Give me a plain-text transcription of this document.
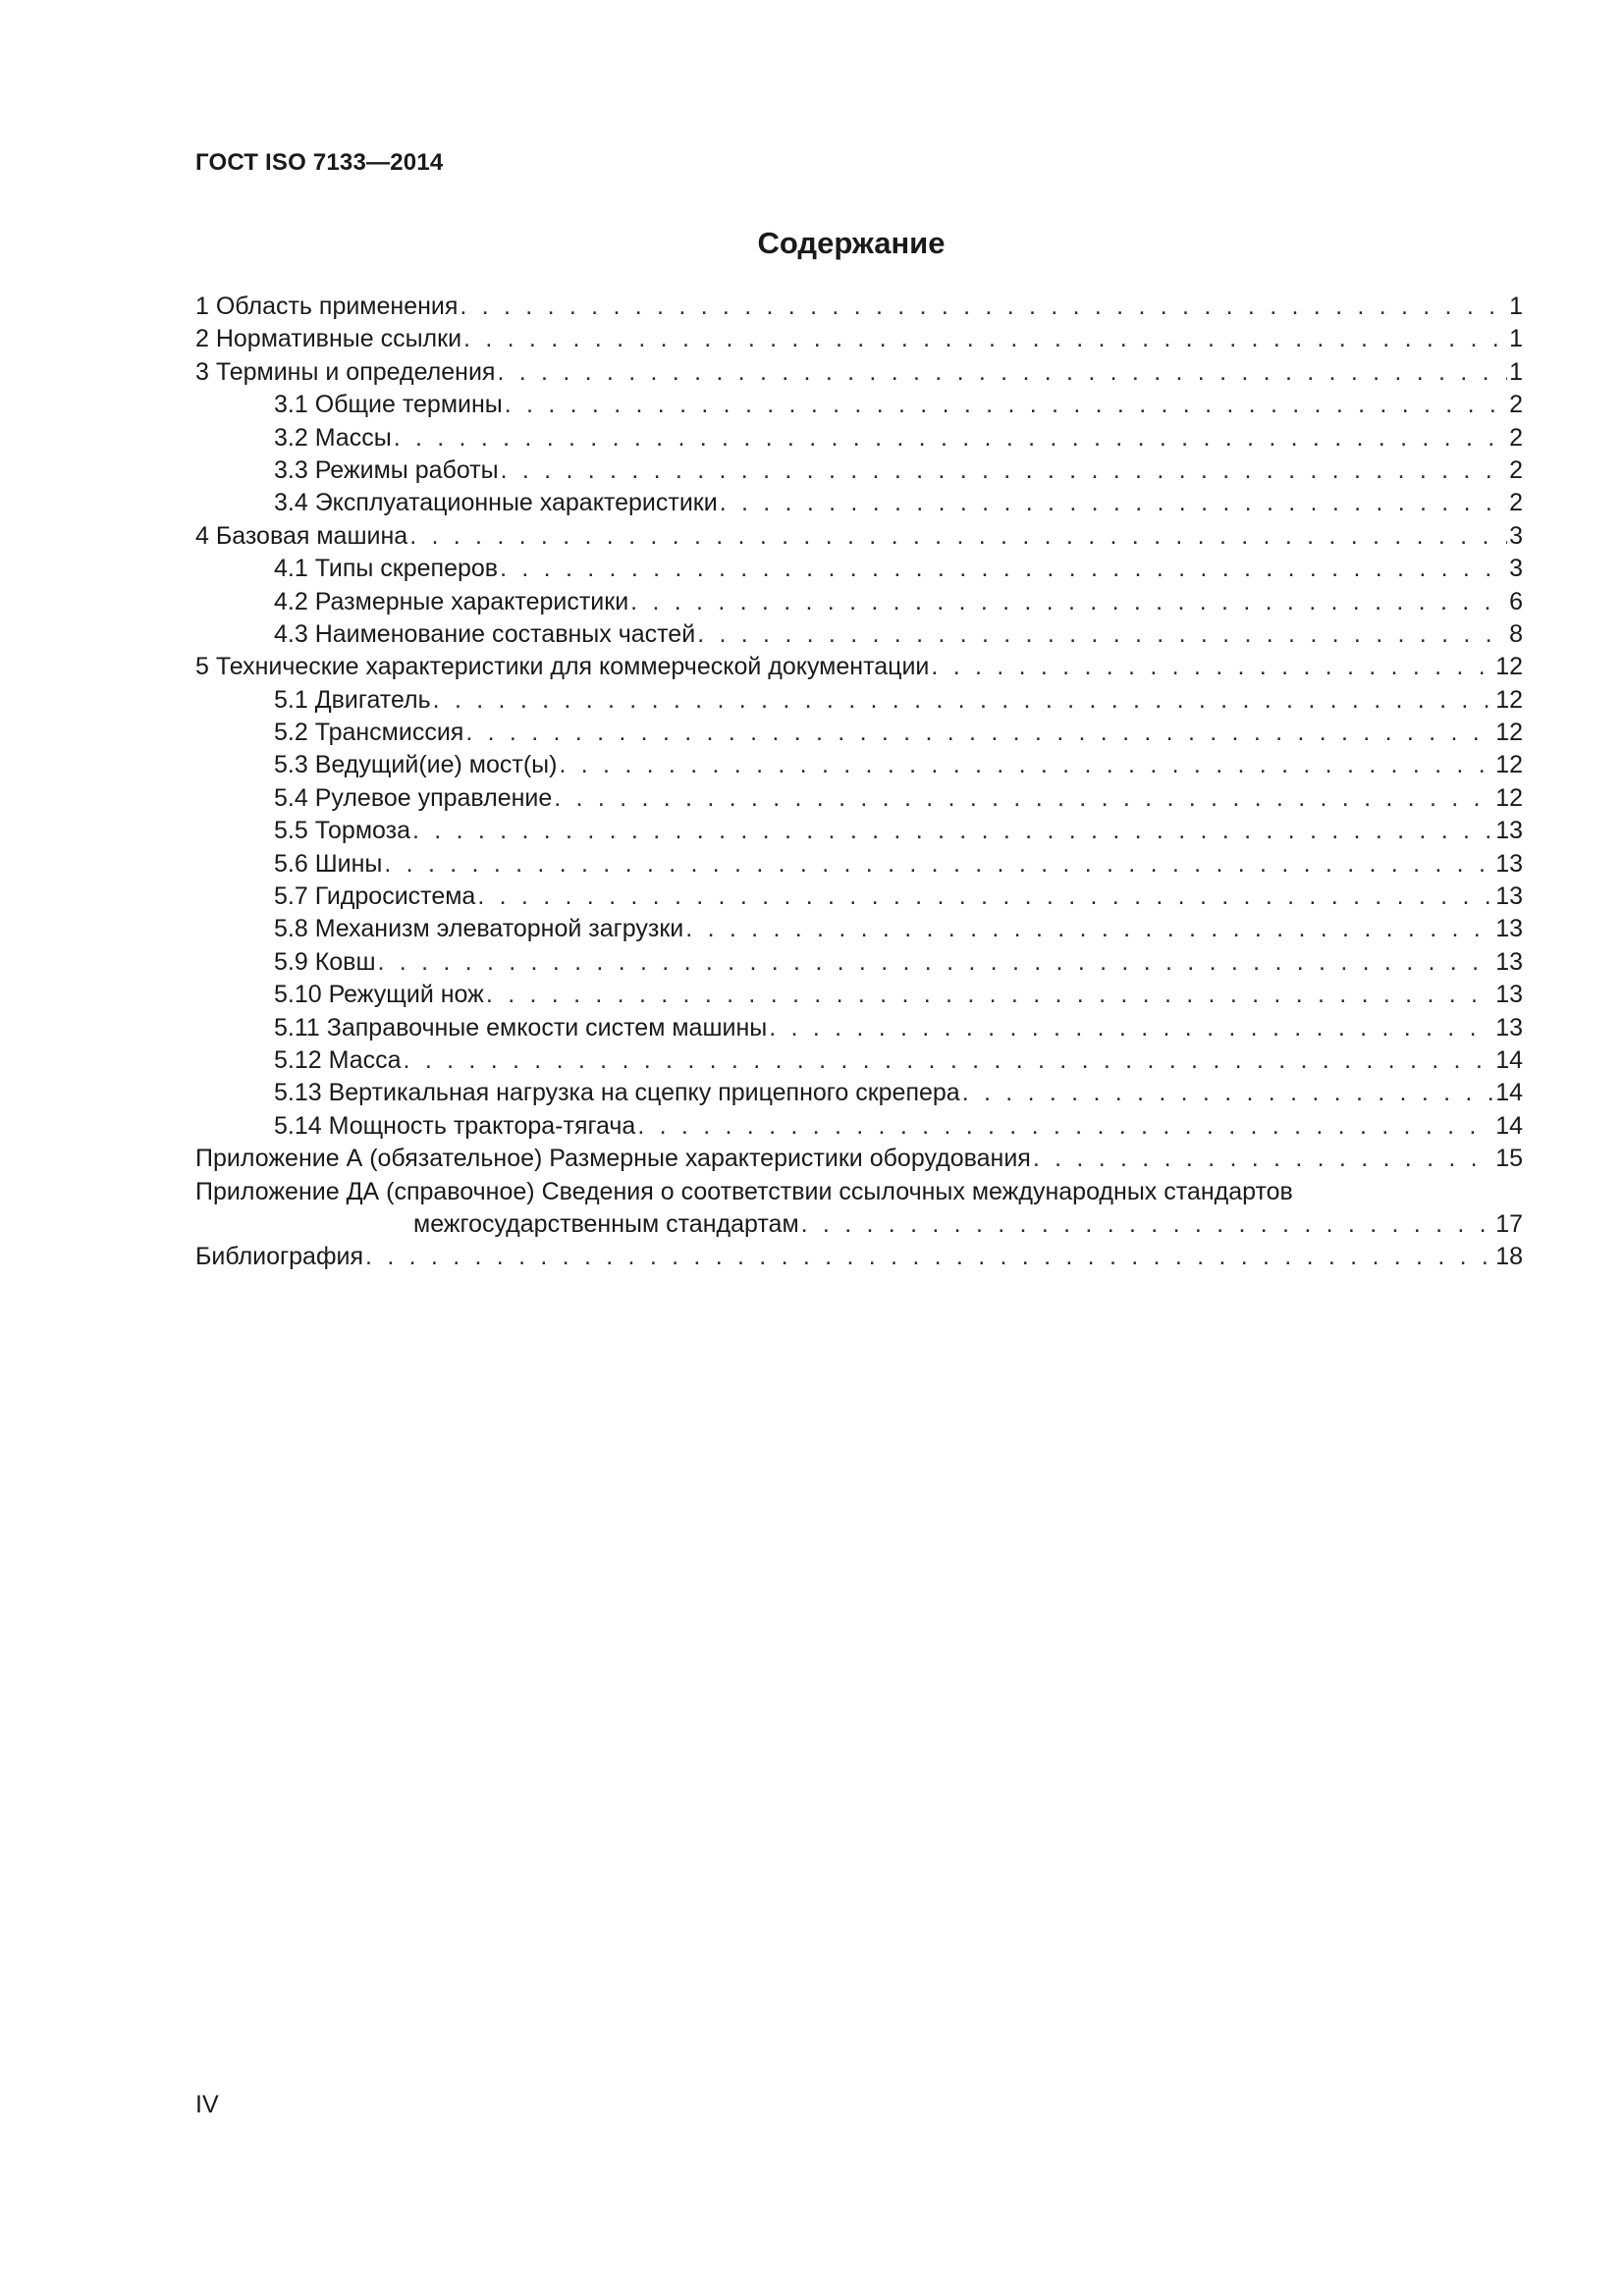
ГОСТ ISO 7133—2014
Содержание
1 Область применения . . .	1
2 Нормативные ссылки . . .	1
3 Термины и определения . . .	1
3.1 Общие термины . . .	2
3.2 Массы . . .	2
3.3 Режимы работы . . .	2
3.4 Эксплуатационные характеристики . . .	2
4 Базовая машина . . .	3
4.1 Типы скреперов . . .	3
4.2 Размерные характеристики . . .	6
4.3 Наименование составных частей . . .	8
5 Технические характеристики для коммерческой документации . . .	12
5.1 Двигатель . . .	12
5.2 Трансмиссия . . .	12
5.3 Ведущий(ие) мост(ы) . . .	12
5.4 Рулевое управление . . .	12
5.5 Тормоза . . .	13
5.6 Шины . . .	13
5.7 Гидросистема . . .	13
5.8 Механизм элеваторной загрузки . . .	13
5.9 Ковш . . .	13
5.10 Режущий нож . . .	13
5.11 Заправочные емкости систем машины . . .	13
5.12 Масса . . .	14
5.13 Вертикальная нагрузка на сцепку прицепного скрепера . . .	14
5.14 Мощность трактора-тягача . . .	14
Приложение А (обязательное) Размерные характеристики оборудования . . .	15
Приложение ДА (справочное) Сведения о соответствии ссылочных международных стандартов
межгосударственным стандартам . . .	17
Библиография . . .	18
IV
